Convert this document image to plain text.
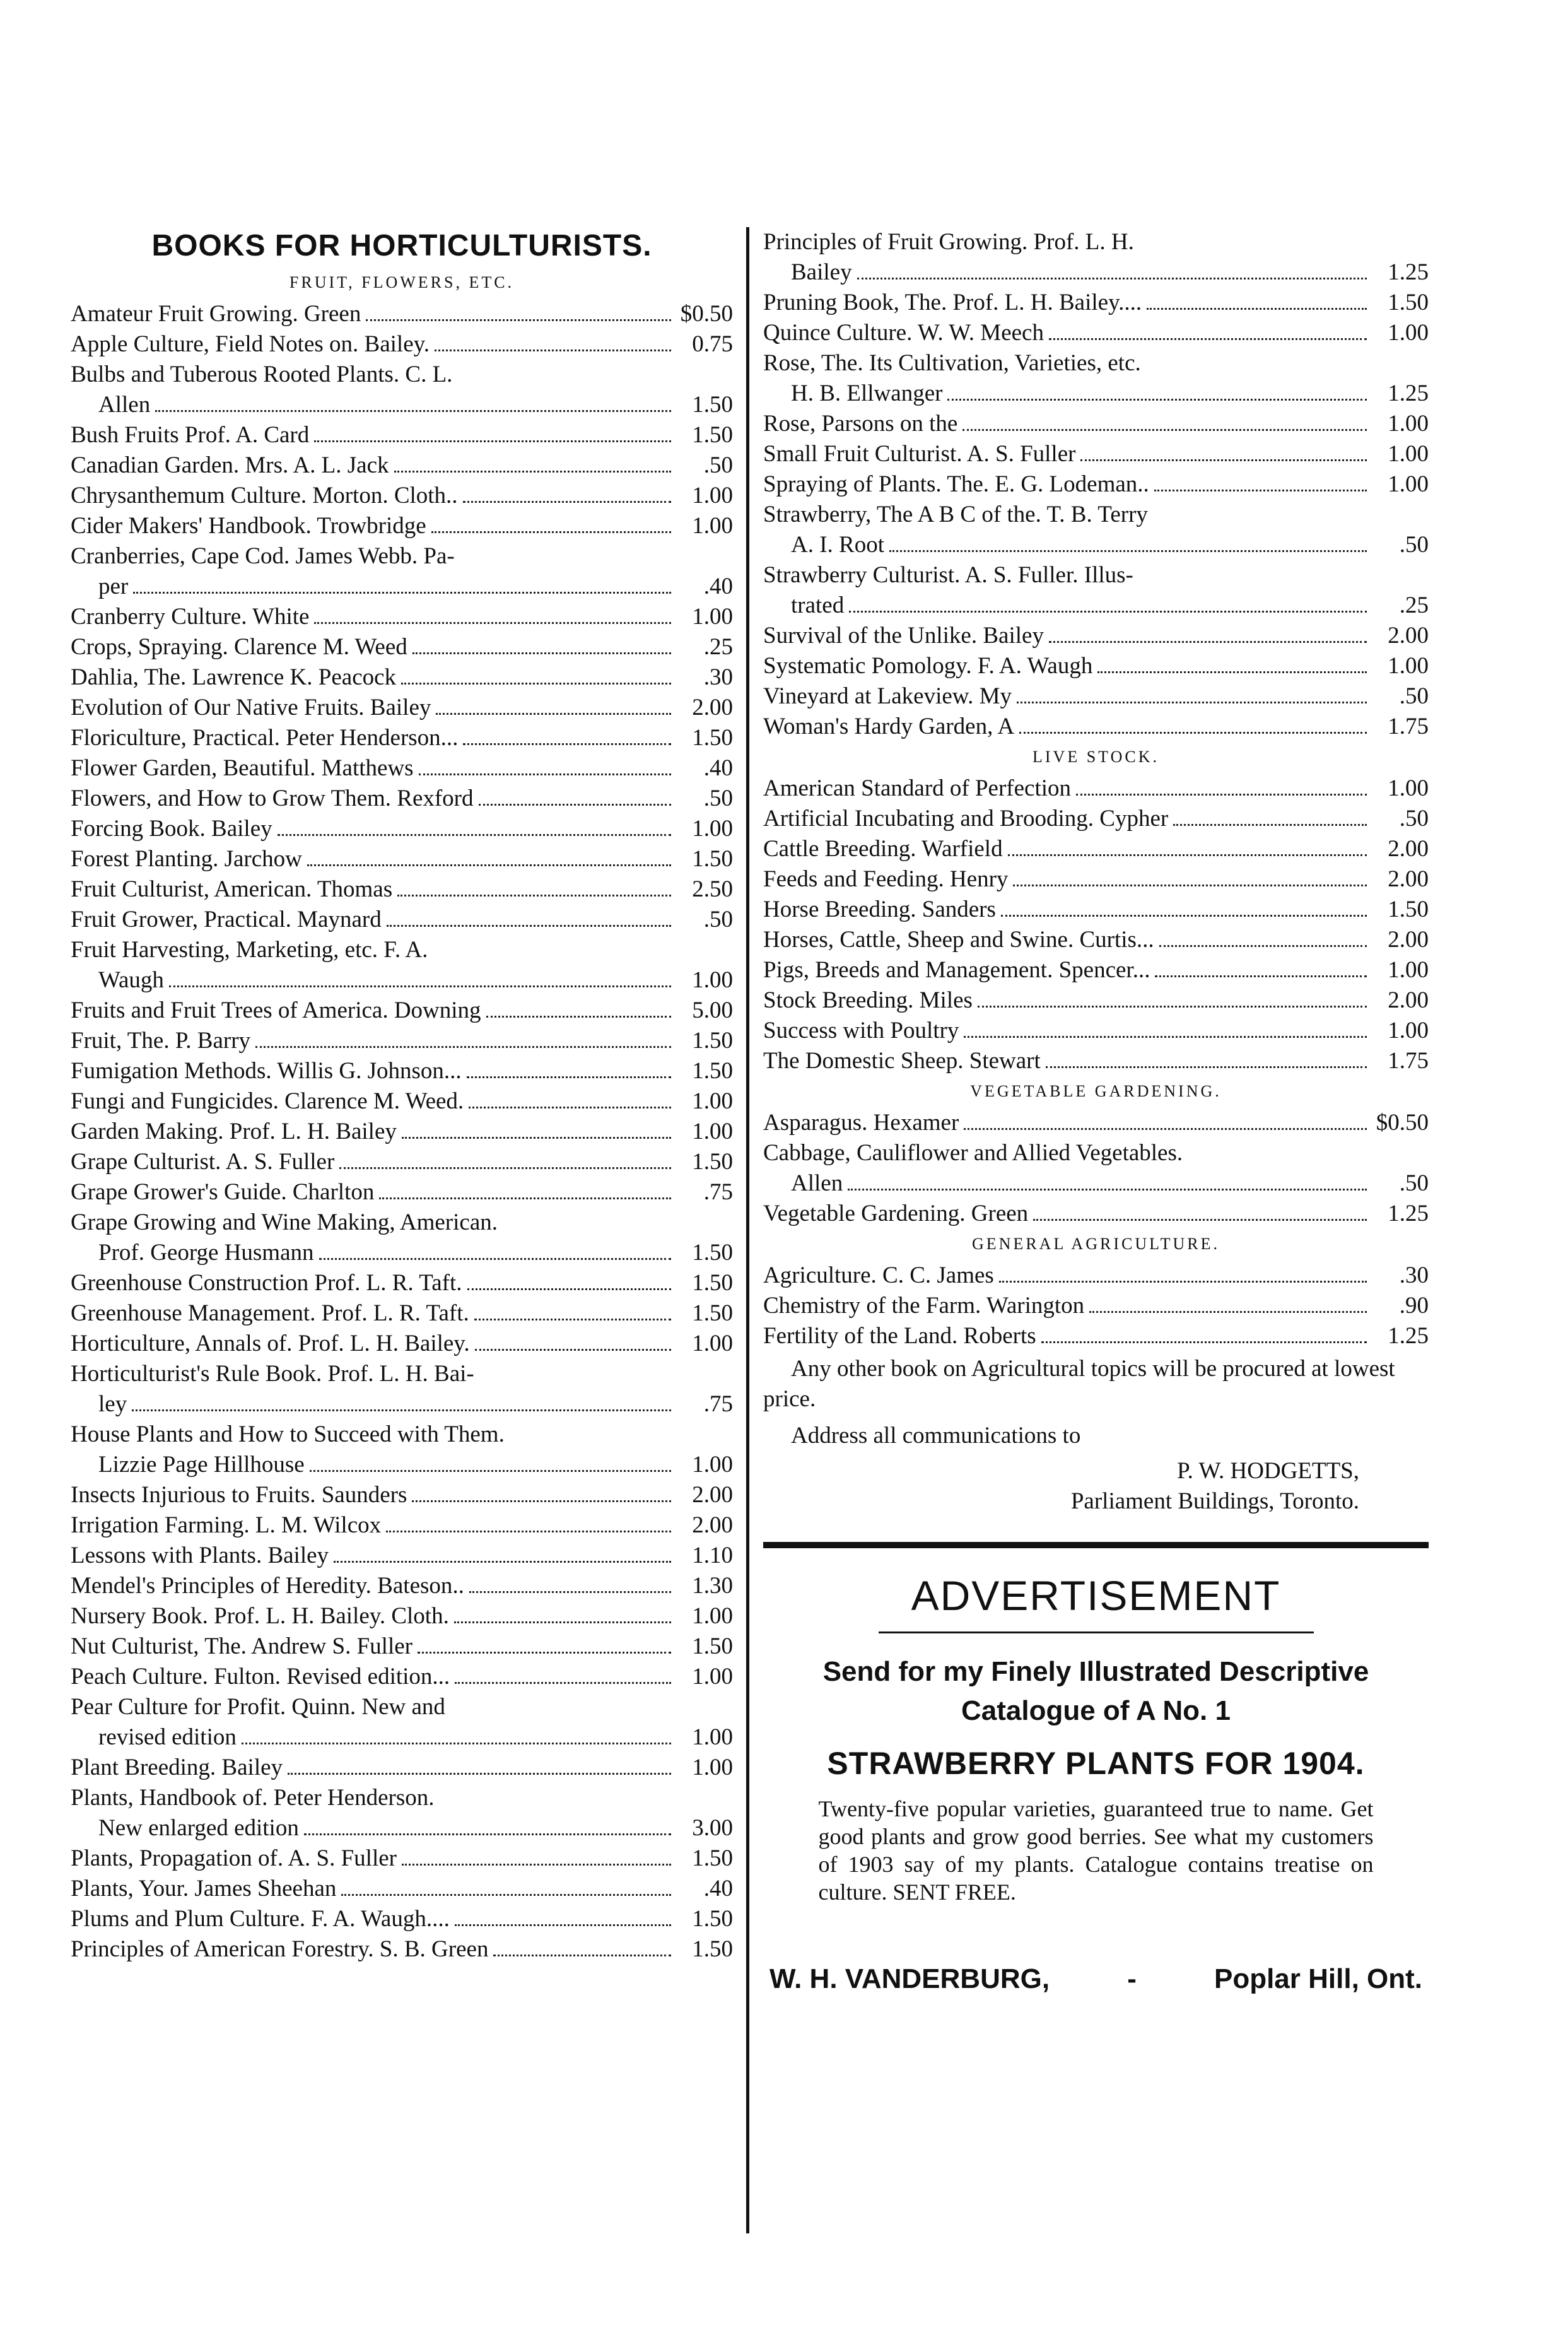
BOOKS FOR HORTICULTURISTS.
FRUIT, FLOWERS, ETC.
Amateur Fruit Growing. Green	$0.50
Apple Culture, Field Notes on. Bailey.	0.75
Bulbs and Tuberous Rooted Plants. C. L.
Allen	1.50
Bush Fruits Prof. A. Card	1.50
Canadian Garden. Mrs. A. L. Jack	.50
Chrysanthemum Culture. Morton. Cloth..	1.00
Cider Makers' Handbook. Trowbridge	1.00
Cranberries, Cape Cod. James Webb. Pa-
per	.40
Cranberry Culture. White	1.00
Crops, Spraying. Clarence M. Weed	.25
Dahlia, The. Lawrence K. Peacock	.30
Evolution of Our Native Fruits. Bailey	2.00
Floriculture, Practical. Peter Henderson...	1.50
Flower Garden, Beautiful. Matthews	.40
Flowers, and How to Grow Them. Rexford	.50
Forcing Book. Bailey	1.00
Forest Planting. Jarchow	1.50
Fruit Culturist, American. Thomas	2.50
Fruit Grower, Practical. Maynard	.50
Fruit Harvesting, Marketing, etc. F. A.
Waugh	1.00
Fruits and Fruit Trees of America. Downing	5.00
Fruit, The. P. Barry	1.50
Fumigation Methods. Willis G. Johnson...	1.50
Fungi and Fungicides. Clarence M. Weed.	1.00
Garden Making. Prof. L. H. Bailey	1.00
Grape Culturist. A. S. Fuller	1.50
Grape Grower's Guide. Charlton	.75
Grape Growing and Wine Making, American.
Prof. George Husmann	1.50
Greenhouse Construction Prof. L. R. Taft.	1.50
Greenhouse Management. Prof. L. R. Taft.	1.50
Horticulture, Annals of. Prof. L. H. Bailey.	1.00
Horticulturist's Rule Book. Prof. L. H. Bai-
ley	.75
House Plants and How to Succeed with Them.
Lizzie Page Hillhouse	1.00
Insects Injurious to Fruits. Saunders	2.00
Irrigation Farming. L. M. Wilcox	2.00
Lessons with Plants. Bailey	1.10
Mendel's Principles of Heredity. Bateson..	1.30
Nursery Book. Prof. L. H. Bailey. Cloth.	1.00
Nut Culturist, The. Andrew S. Fuller	1.50
Peach Culture. Fulton. Revised edition...	1.00
Pear Culture for Profit. Quinn. New and
revised edition	1.00
Plant Breeding. Bailey	1.00
Plants, Handbook of. Peter Henderson.
New enlarged edition	3.00
Plants, Propagation of. A. S. Fuller	1.50
Plants, Your. James Sheehan	.40
Plums and Plum Culture. F. A. Waugh....	1.50
Principles of American Forestry. S. B. Green	1.50
Principles of Fruit Growing. Prof. L. H.
Bailey	1.25
Pruning Book, The. Prof. L. H. Bailey....	1.50
Quince Culture. W. W. Meech	1.00
Rose, The. Its Cultivation, Varieties, etc.
H. B. Ellwanger	1.25
Rose, Parsons on the	1.00
Small Fruit Culturist. A. S. Fuller	1.00
Spraying of Plants. The. E. G. Lodeman..	1.00
Strawberry, The A B C of the. T. B. Terry
A. I. Root	.50
Strawberry Culturist. A. S. Fuller. Illus-
trated	.25
Survival of the Unlike. Bailey	2.00
Systematic Pomology. F. A. Waugh	1.00
Vineyard at Lakeview. My	.50
Woman's Hardy Garden, A	1.75
LIVE STOCK.
American Standard of Perfection	1.00
Artificial Incubating and Brooding. Cypher	.50
Cattle Breeding. Warfield	2.00
Feeds and Feeding. Henry	2.00
Horse Breeding. Sanders	1.50
Horses, Cattle, Sheep and Swine. Curtis...	2.00
Pigs, Breeds and Management. Spencer...	1.00
Stock Breeding. Miles	2.00
Success with Poultry	1.00
The Domestic Sheep. Stewart	1.75
VEGETABLE GARDENING.
Asparagus. Hexamer	$0.50
Cabbage, Cauliflower and Allied Vegetables.
Allen	.50
Vegetable Gardening. Green	1.25
GENERAL AGRICULTURE.
Agriculture. C. C. James	.30
Chemistry of the Farm. Warington	.90
Fertility of the Land. Roberts	1.25
Any other book on Agricultural topics will be procured at lowest price.
Address all communications to
P. W. HODGETTS,
Parliament Buildings, Toronto.
ADVERTISEMENT
Send for my Finely Illustrated Descriptive
Catalogue of A No. 1
STRAWBERRY PLANTS FOR 1904.
Twenty-five popular varieties, guaranteed true to name. Get good plants and grow good berries. See what my customers of 1903 say of my plants. Catalogue contains treatise on culture. SENT FREE.
W. H. VANDERBURG,	-	Poplar Hill, Ont.
